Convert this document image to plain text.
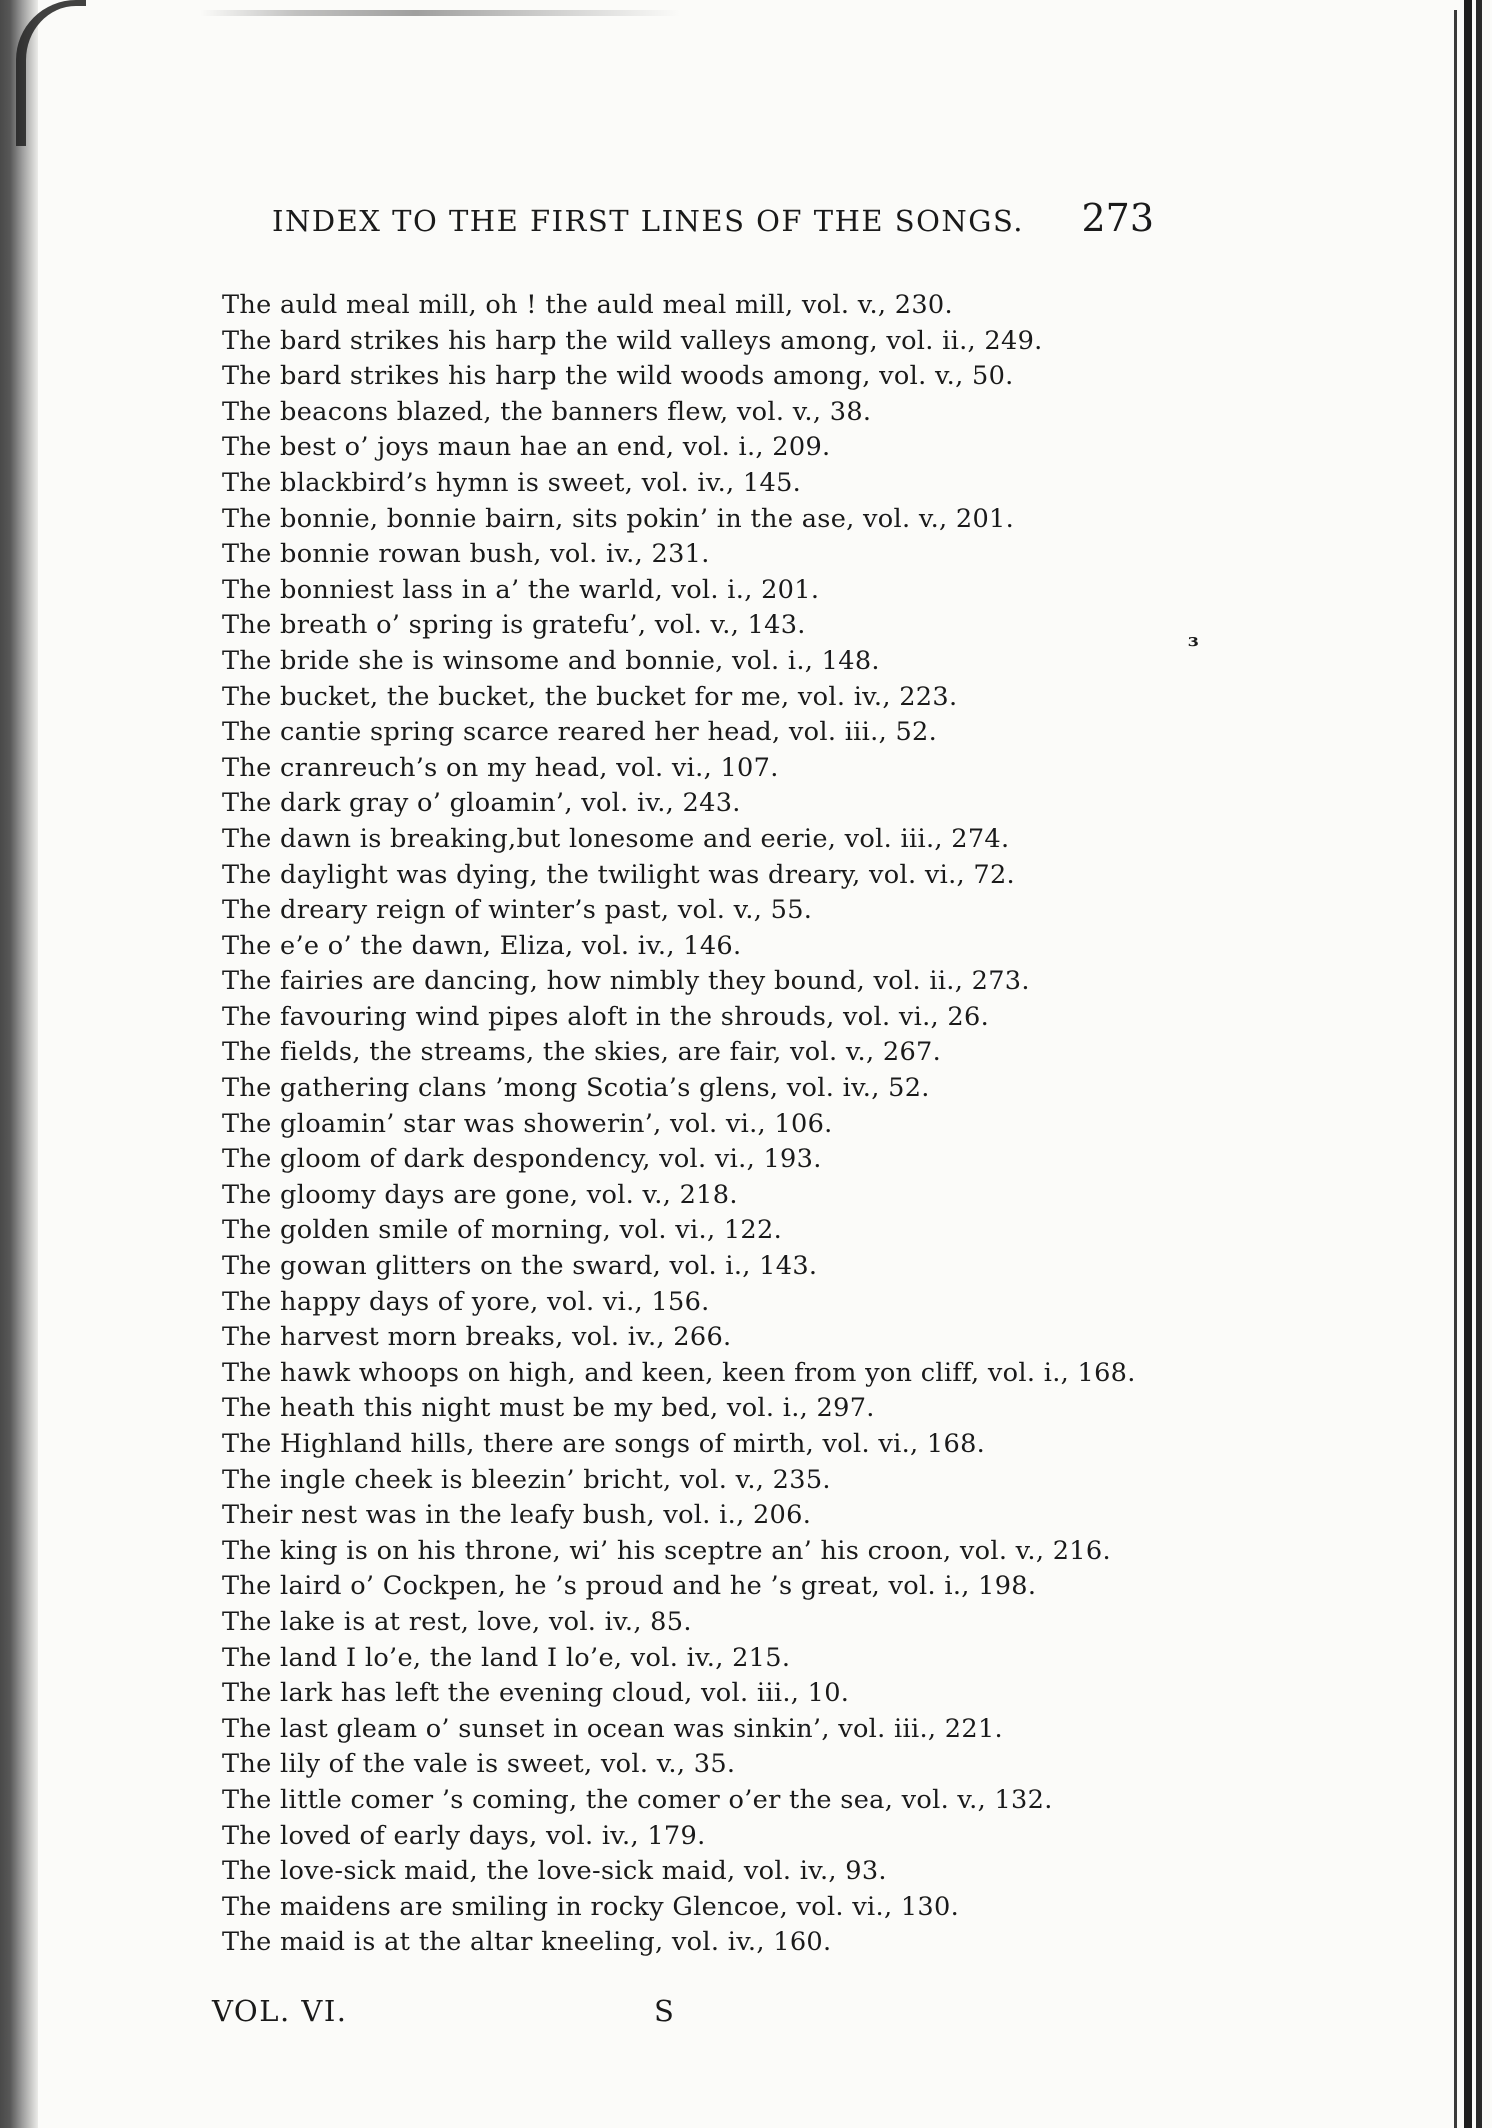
INDEX TO THE FIRST LINES OF THE SONGS. 273
The auld meal mill, oh ! the auld meal mill, vol. v., 230.
The bard strikes his harp the wild valleys among, vol. ii., 249.
The bard strikes his harp the wild woods among, vol. v., 50.
The beacons blazed, the banners flew, vol. v., 38.
The best o’ joys maun hae an end, vol. i., 209.
The blackbird’s hymn is sweet, vol. iv., 145.
The bonnie, bonnie bairn, sits pokin’ in the ase, vol. v., 201.
The bonnie rowan bush, vol. iv., 231.
The bonniest lass in a’ the warld, vol. i., 201.
The breath o’ spring is gratefu’, vol. v., 143.
The bride she is winsome and bonnie, vol. i., 148.
The bucket, the bucket, the bucket for me, vol. iv., 223.
The cantie spring scarce reared her head, vol. iii., 52.
The cranreuch’s on my head, vol. vi., 107.
The dark gray o’ gloamin’, vol. iv., 243.
The dawn is breaking,but lonesome and eerie, vol. iii., 274.
The daylight was dying, the twilight was dreary, vol. vi., 72.
The dreary reign of winter’s past, vol. v., 55.
The e’e o’ the dawn, Eliza, vol. iv., 146.
The fairies are dancing, how nimbly they bound, vol. ii., 273.
The favouring wind pipes aloft in the shrouds, vol. vi., 26.
The fields, the streams, the skies, are fair, vol. v., 267.
The gathering clans ’mong Scotia’s glens, vol. iv., 52.
The gloamin’ star was showerin’, vol. vi., 106.
The gloom of dark despondency, vol. vi., 193.
The gloomy days are gone, vol. v., 218.
The golden smile of morning, vol. vi., 122.
The gowan glitters on the sward, vol. i., 143.
The happy days of yore, vol. vi., 156.
The harvest morn breaks, vol. iv., 266.
The hawk whoops on high, and keen, keen from yon cliff, vol. i., 168.
The heath this night must be my bed, vol. i., 297.
The Highland hills, there are songs of mirth, vol. vi., 168.
The ingle cheek is bleezin’ bricht, vol. v., 235.
Their nest was in the leafy bush, vol. i., 206.
The king is on his throne, wi’ his sceptre an’ his croon, vol. v., 216.
The laird o’ Cockpen, he ’s proud and he ’s great, vol. i., 198.
The lake is at rest, love, vol. iv., 85.
The land I lo’e, the land I lo’e, vol. iv., 215.
The lark has left the evening cloud, vol. iii., 10.
The last gleam o’ sunset in ocean was sinkin’, vol. iii., 221.
The lily of the vale is sweet, vol. v., 35.
The little comer ’s coming, the comer o’er the sea, vol. v., 132.
The loved of early days, vol. iv., 179.
The love-sick maid, the love-sick maid, vol. iv., 93.
The maidens are smiling in rocky Glencoe, vol. vi., 130.
The maid is at the altar kneeling, vol. iv., 160.
ɜ
VOL. VI.	S
